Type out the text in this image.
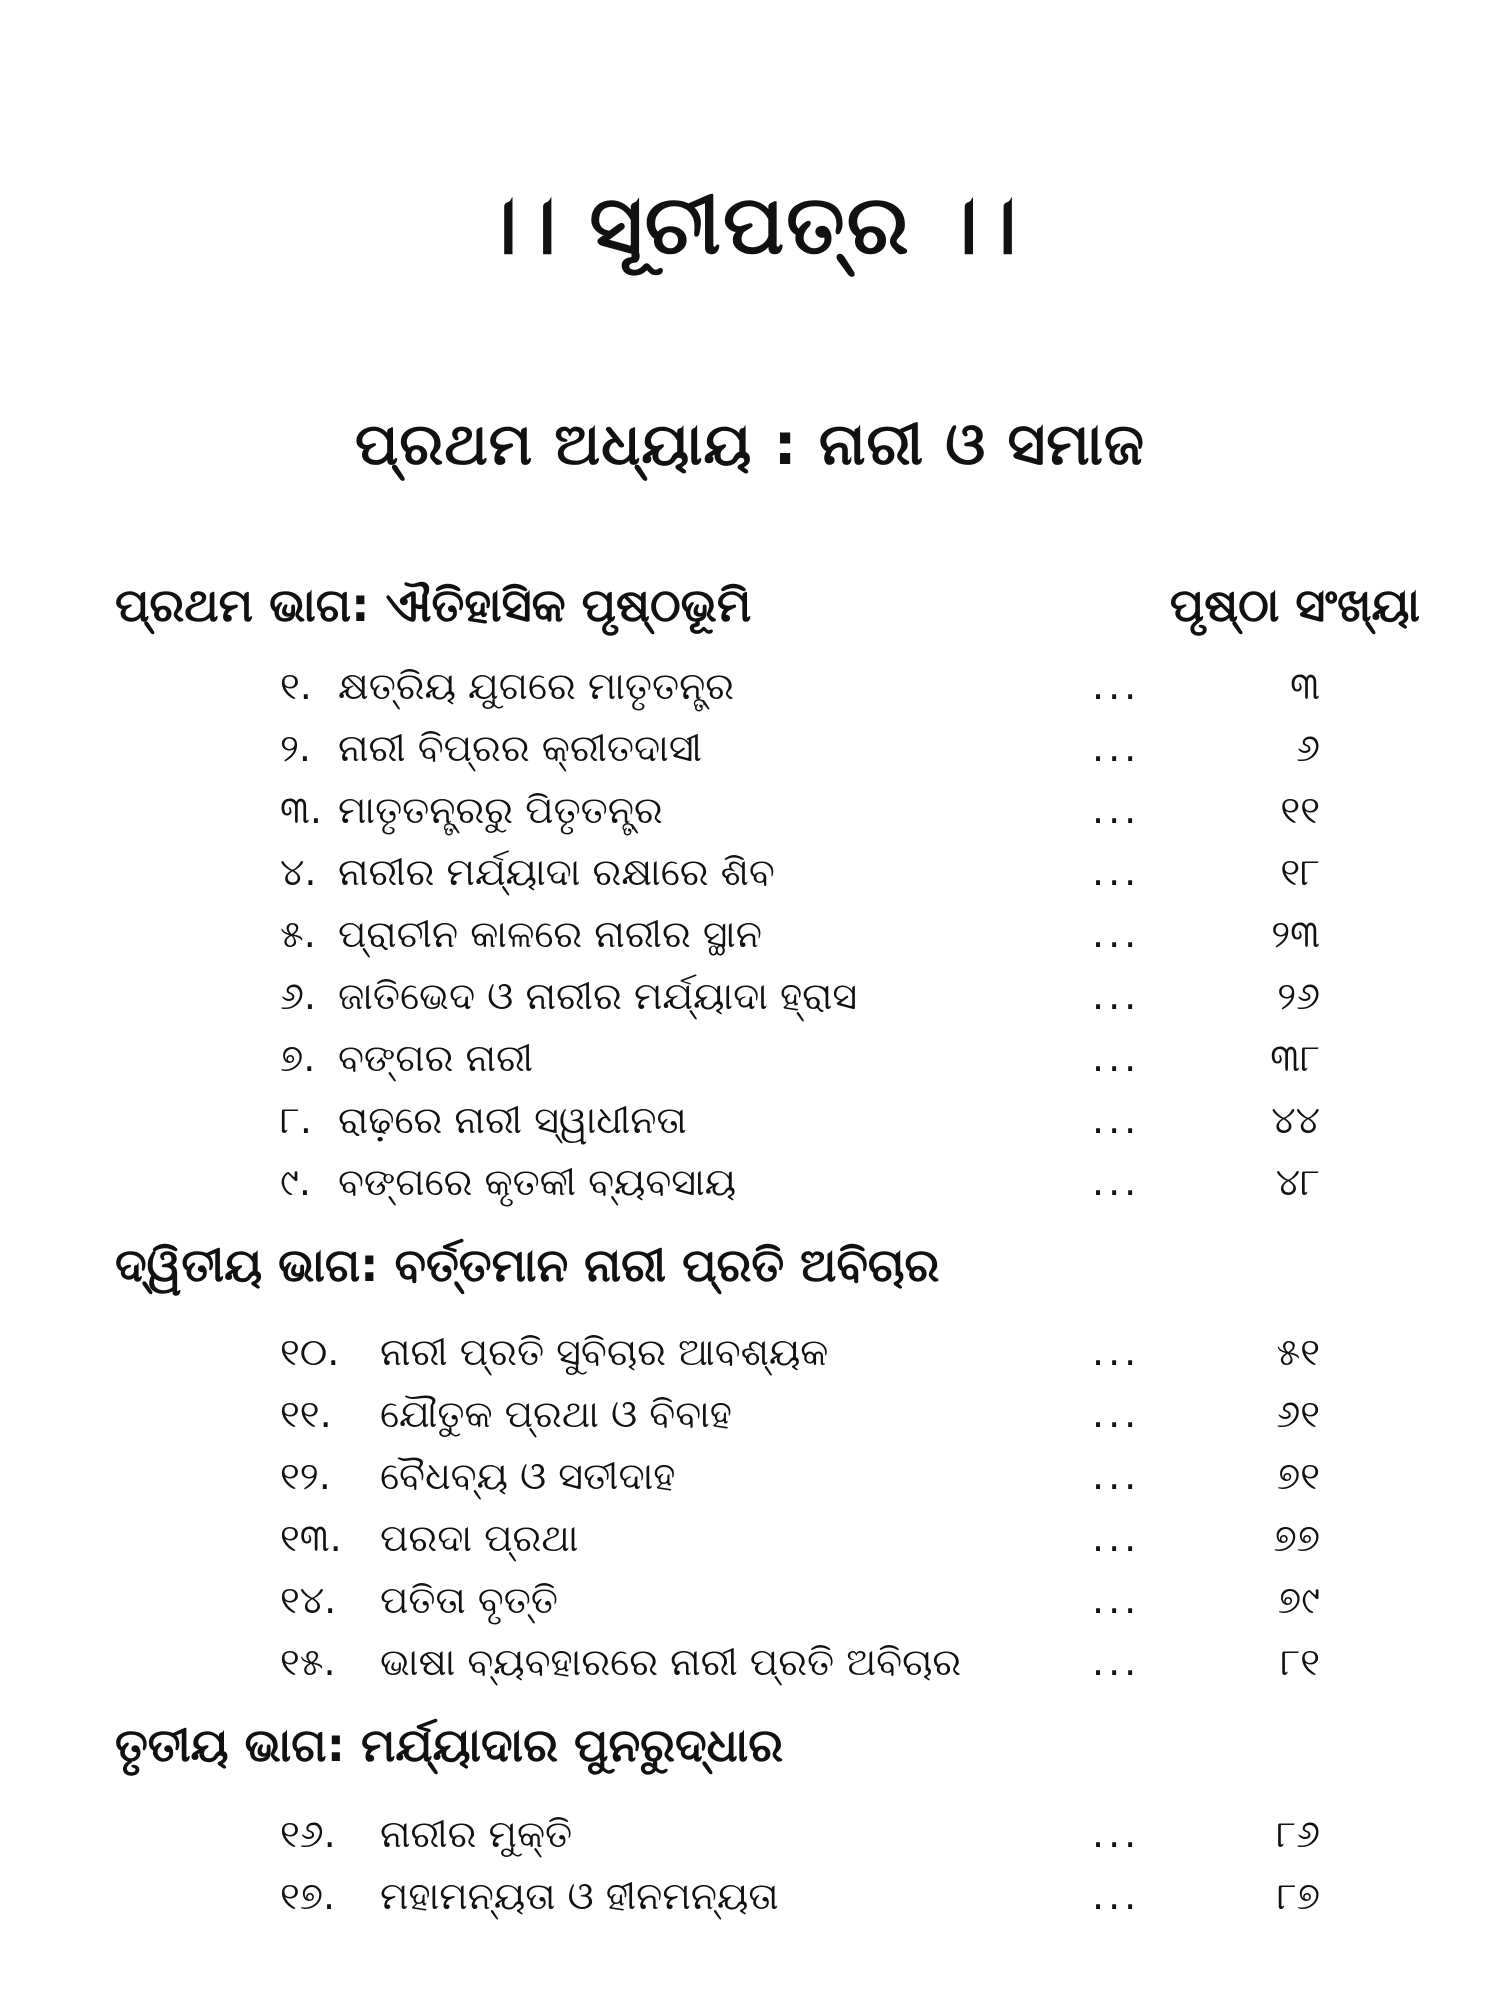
।। ସୂଚୀପତ୍ର ।।
ପ୍ରଥମ ଅଧ୍ୟାୟ : ନାରୀ ଓ ସମାଜ
ପ୍ରଥମ ଭାଗ: ଐତିହାସିକ ପୃଷ୍ଠଭୂମି	ପୃଷ୍ଠା ସଂଖ୍ୟା
୧. କ୍ଷତ୍ରିୟ ଯୁଗରେ ମାତୃତନ୍ତ୍ର	...	୩
୨. ନାରୀ ବିପ୍ରର କ୍ରୀତଦାସୀ	...	୬
୩. ମାତୃତନ୍ତ୍ରରୁ ପିତୃତନ୍ତ୍ର	...	୧୧
୪. ନାରୀର ମର୍ଯ୍ୟାଦା ରକ୍ଷାରେ ଶିବ	...	୧୮
୫. ପ୍ରାଚୀନ କାଳରେ ନାରୀର ସ୍ଥାନ	...	୨୩
୬. ଜାତିଭେଦ ଓ ନାରୀର ମର୍ଯ୍ୟାଦା ହ୍ରାସ	...	୨୬
୭. ବଙ୍ଗର ନାରୀ	...	୩୮
୮. ରାଢ଼ରେ ନାରୀ ସ୍ୱାଧୀନତା	...	୪୪
୯. ବଙ୍ଗରେ କୃତକୀ ବ୍ୟବସାୟ	...	୪୮
ଦ୍ୱିତୀୟ ଭାଗ: ବର୍ତ୍ତମାନ ନାରୀ ପ୍ରତି ଅବିଚାର
୧୦. ନାରୀ ପ୍ରତି ସୁବିଚାର ଆବଶ୍ୟକ	...	୫୧
୧୧. ଯୌତୁକ ପ୍ରଥା ଓ ବିବାହ	...	୬୧
୧୨. ବୈଧବ୍ୟ ଓ ସତୀଦାହ	...	୭୧
୧୩. ପରଦା ପ୍ରଥା	...	୭୭
୧୪. ପତିତା ବୃତ୍ତି	...	୭୯
୧୫. ଭାଷା ବ୍ୟବହାରରେ ନାରୀ ପ୍ରତି ଅବିଚାର	...	୮୧
ତୃତୀୟ ଭାଗ: ମର୍ଯ୍ୟାଦାର ପୁନରୁଦ୍ଧାର
୧୬. ନାରୀର ମୁକ୍ତି	...	୮୬
୧୭. ମହାମନ୍ୟତା ଓ ହୀନମନ୍ୟତା	...	୮୭
